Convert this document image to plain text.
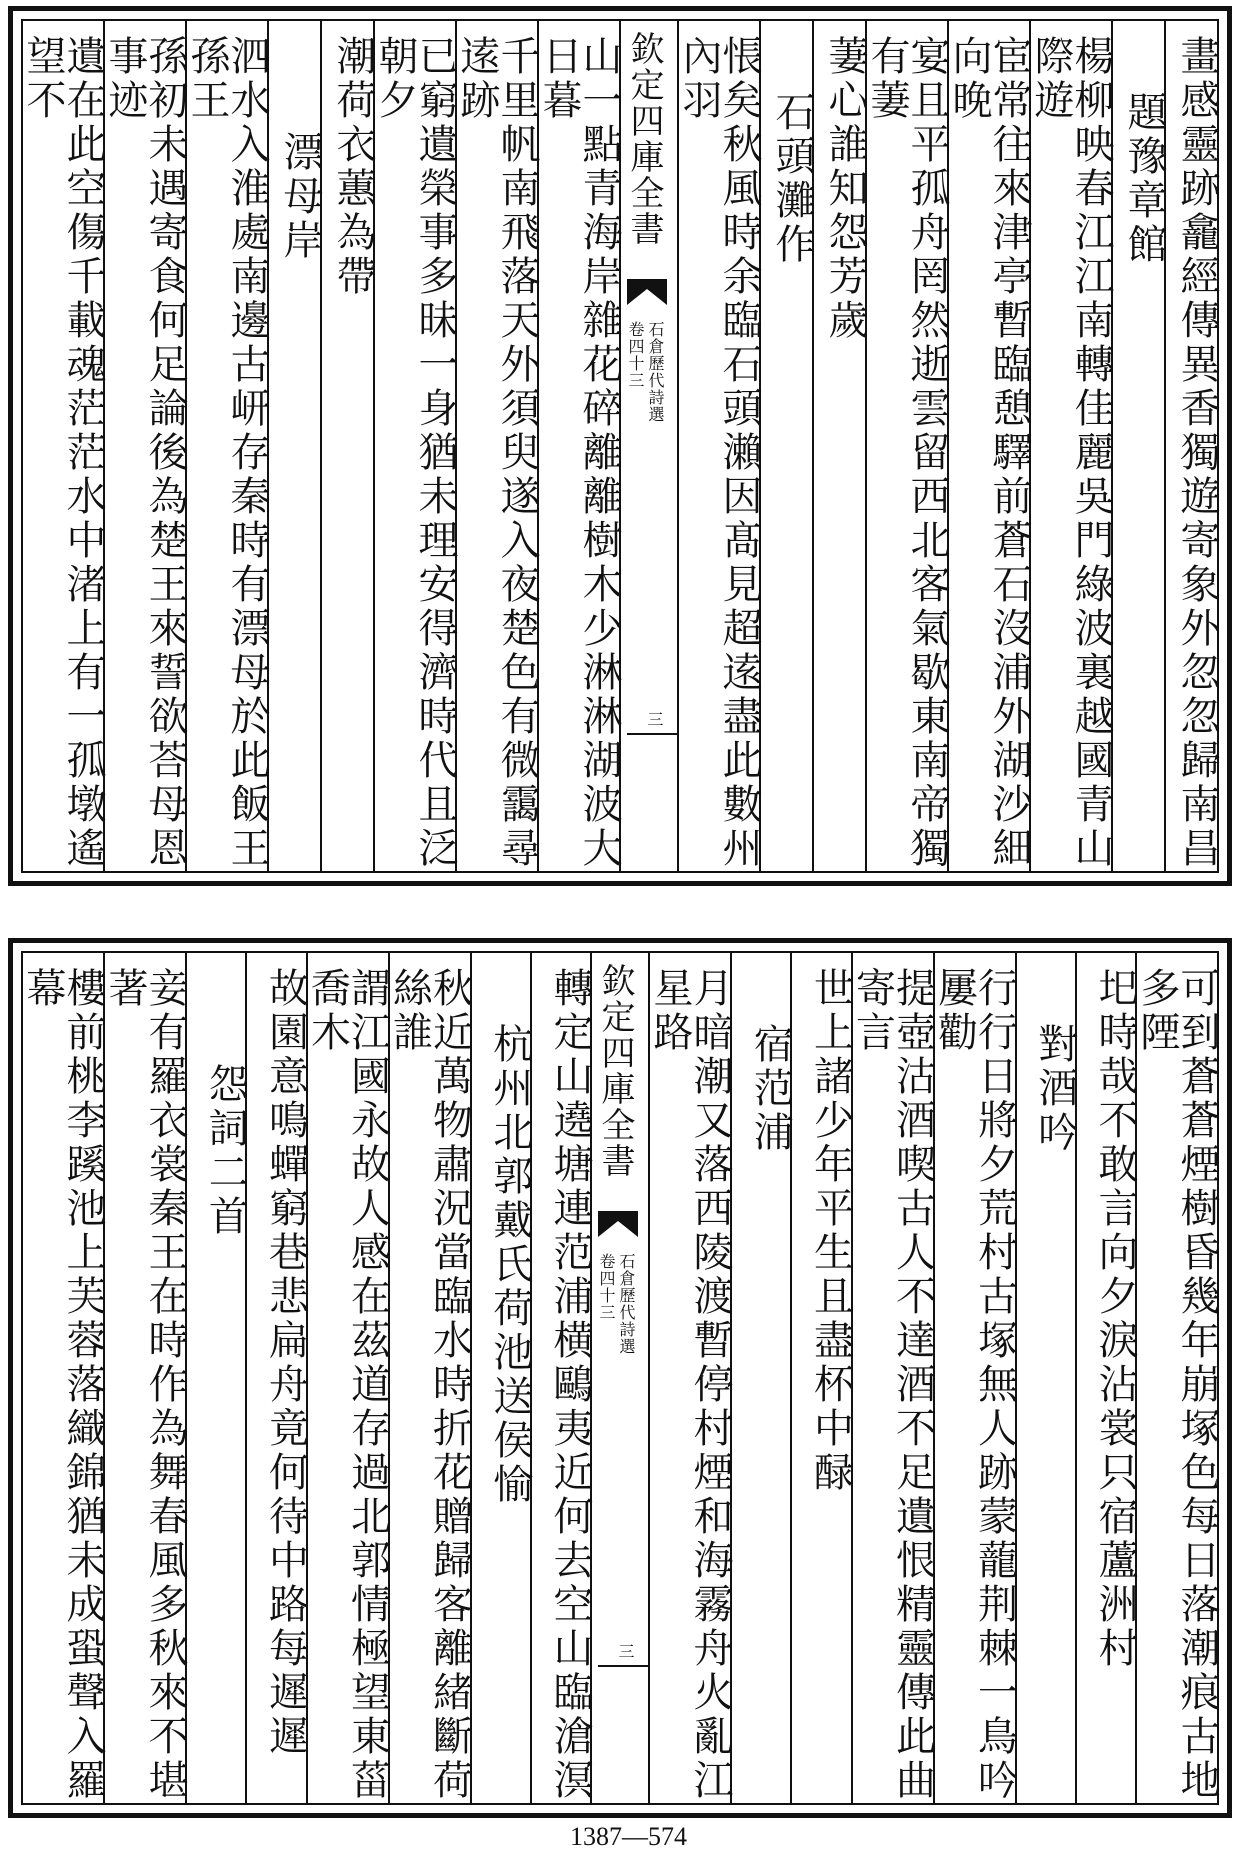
畫感靈跡龕經傳異香獨遊寄象外忽忽歸南昌
題豫章館
楊柳映春江江南轉佳麗吳門綠波裏越國青山際遊
宦常往來津亭暫臨憩驛前蒼石沒浦外湖沙細向晚
宴且平孤舟罔然逝雲留西北客氣歇東南帝獨有萋
萋心誰知怨芳歲
石頭灘作
悵矣秋風時余臨石頭瀨因髙見超逺盡此數州內羽
欽定四庫全書
石倉歷代詩選
卷四十三
三
山一點青海岸雜花碎離離樹木少淋淋湖波大日暮
千里帆南飛落天外須臾遂入夜楚色有微靄尋逺跡
已窮遺榮事多昧一身猶未理安得濟時代且泛朝夕
潮荷衣蕙為帶
漂母岸
泗水入淮處南邊古岍存秦時有漂母於此飯王孫王
孫初未遇寄食何足論後為楚王來誓欲荅母恩事迹
遺在此空傷千載魂茫茫水中渚上有一孤墩遙望不
可到蒼蒼煙樹昏幾年崩塚色每日落潮痕古地多陻
圯時哉不敢言向夕淚沾裳只宿蘆洲村
對酒吟
行行日將夕荒村古塚無人跡蒙蘢荆棘一鳥吟屢勸
提壺沽酒喫古人不達酒不足遺恨精靈傳此曲寄言
世上諸少年平生且盡杯中醁
宿范浦
月暗潮又落西陵渡暫停村煙和海霧舟火亂江星路
欽定四庫全書
石倉歷代詩選
卷四十三
三
轉定山遶塘連范浦横鷗夷近何去空山臨滄溟
杭州北郭戴氏荷池送侯愉
秋近萬物肅況當臨水時折花贈歸客離緒斷荷絲誰
謂江國永故人感在茲道存過北郭情極望東菑喬木
故園意鳴蟬窮巷悲扁舟竟何待中路每遲遲
怨詞二首
妾有羅衣裳秦王在時作為舞春風多秋來不堪著
樓前桃李蹊池上芙蓉落織錦猶未成蛩聲入羅幕
1387—574
